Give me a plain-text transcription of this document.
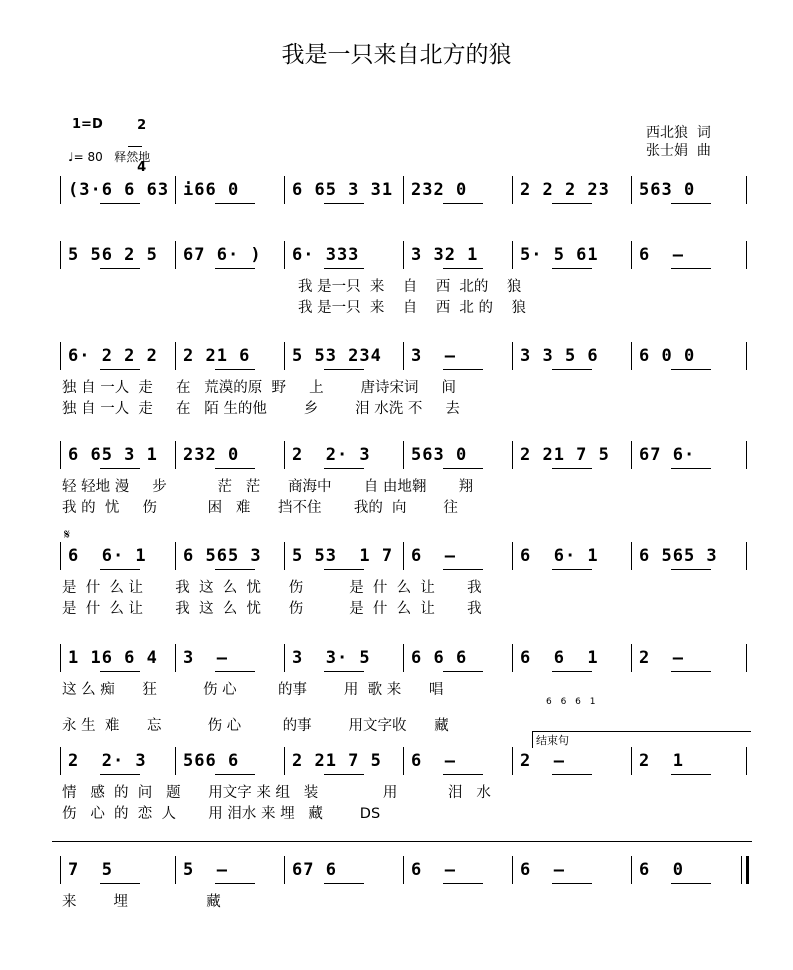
我是一只来自北方的狼
1=D	2

4

♩= 80   释然地
西北狼  词
张士娟  曲
𝄋
结束句
(3·6 6 63 i66 0	6 65 3 31 232 0	2 2 2 23 563 0
5 56 2 5 67 6· ) 6· 333	3 32 1 5· 5 61 6  –
我 是一只  来    自    西  北的    狼
我 是一只  来    自    西  北 的    狼
6· 2 2 2 2 21 6 5 53 234 3  –	3 3 5 6 6 0 0
独 自 一人  走     在   荒漠的原  野     上        唐诗宋词     间
独 自 一人  走     在   陌 生的他        乡        泪 水洗 不     去
6 65 3 1 232 0	2  2· 3 563 0	2 21 7 5 67 6·
轻 轻地 漫     步           茫   茫      商海中       自 由地翱       翔
我 的  忧     伤           困   难      挡不住       我的  向        往
6  6· 1 6 565 3 5 53  1 7 6  –	6  6· 1 6 565 3
是  什  么 让       我  这  么  忧      伤          是  什  么  让       我
是  什  么 让       我  这  么  忧      伤          是  什  么  让       我
1 16 6 4 3  –	3  3· 5 6 6 6	6  6  1 2  –
这 么 痴      狂          伤 心         的事        用  歌 来      唱
永 生  难      忘          伤 心         的事        用文字收      藏
2  2· 3 566 6	2 21 7 5 6  –	2  –	2  1
情   感  的  问   题      用文字 来 组   装              用           泪   水
伤   心  的  恋  人       用 泪水 来 埋   藏        DS
7  5	5  –	67 6	6  –	6  –	6  0
来        埋                 藏
6 6 6 1
